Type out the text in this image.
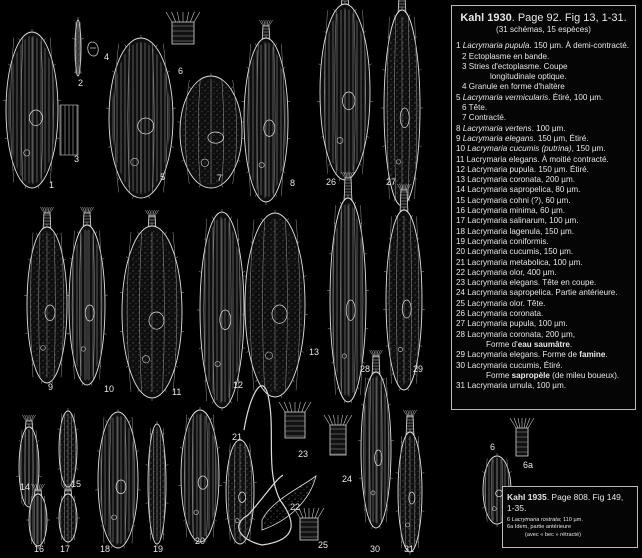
1
2
3
4
5
6
7	8
9	10	11
12
13
14	15
16 17	18	19
20
21
22
23
24
25
26	27
28	29
30	31
6
6a
Kahl 1930. Page 92. Fig 13, 1-31.
(31 schémas, 15 espèces)
1 Lacrymaria pupula. 150 µm. À demi-contracté.
2 Ectoplasme en bande.
3 Stries d'ectoplasme. Coupe
longitudinale optique.
4 Granule en forme d'haltère
5 Lacrymaria vermicularis. Étiré, 100 µm.
6 Tête.
7 Contracté.
8 Lacrymaria vertens. 100 µm.
9 Lacrymaria elegans. 150 µm, Étiré.
10 Lacrymaria cucumis (putrina), 150 µm.
11 Lacrymaria elegans. À moitié contracté.
12 Lacrymaria pupula. 150 µm. Étiré.
13 Lacrymaria coronata, 200 µm.
14 Lacrymaria sapropelica, 80 µm.
15 Lacrymaria cohni (?), 60 µm.
16 Lacrymaria minima, 60 µm.
17 Lacrymaria salinarum, 100 µm.
18 Lacrymaria lagenula, 150 µm.
19 Lacrymaria coniformis.
20 Lacrymaria cucumis, 150 µm.
21 Lacrymaria metabolica, 100 µm.
22 Lacrymaria olor, 400 µm.
23 Lacrymaria elegans. Tête en coupe.
24 Lacrymaria sapropelica. Partie antérieure.
25 Lacrymaria olor. Tête.
26 Lacrymaria coronata.
27 Lacrymaria pupula, 100 µm.
28 Lacrymaria coronata, 200 µm,
Forme d'eau saumâtre.
29 Lacrymaria elegans. Forme de famine.
30 Lacrymaria cucumis, Étiré.
Forme sapropèle (de mileu boueux).
31 Lacrymaria urnula, 100 µm.
Kahl 1935. Page 808. Fig 149, 1-35.
6 Lacrymaria rostrata; 110 µm.
6a Idem, partie antérieure
(avec « bec » rétracté)
